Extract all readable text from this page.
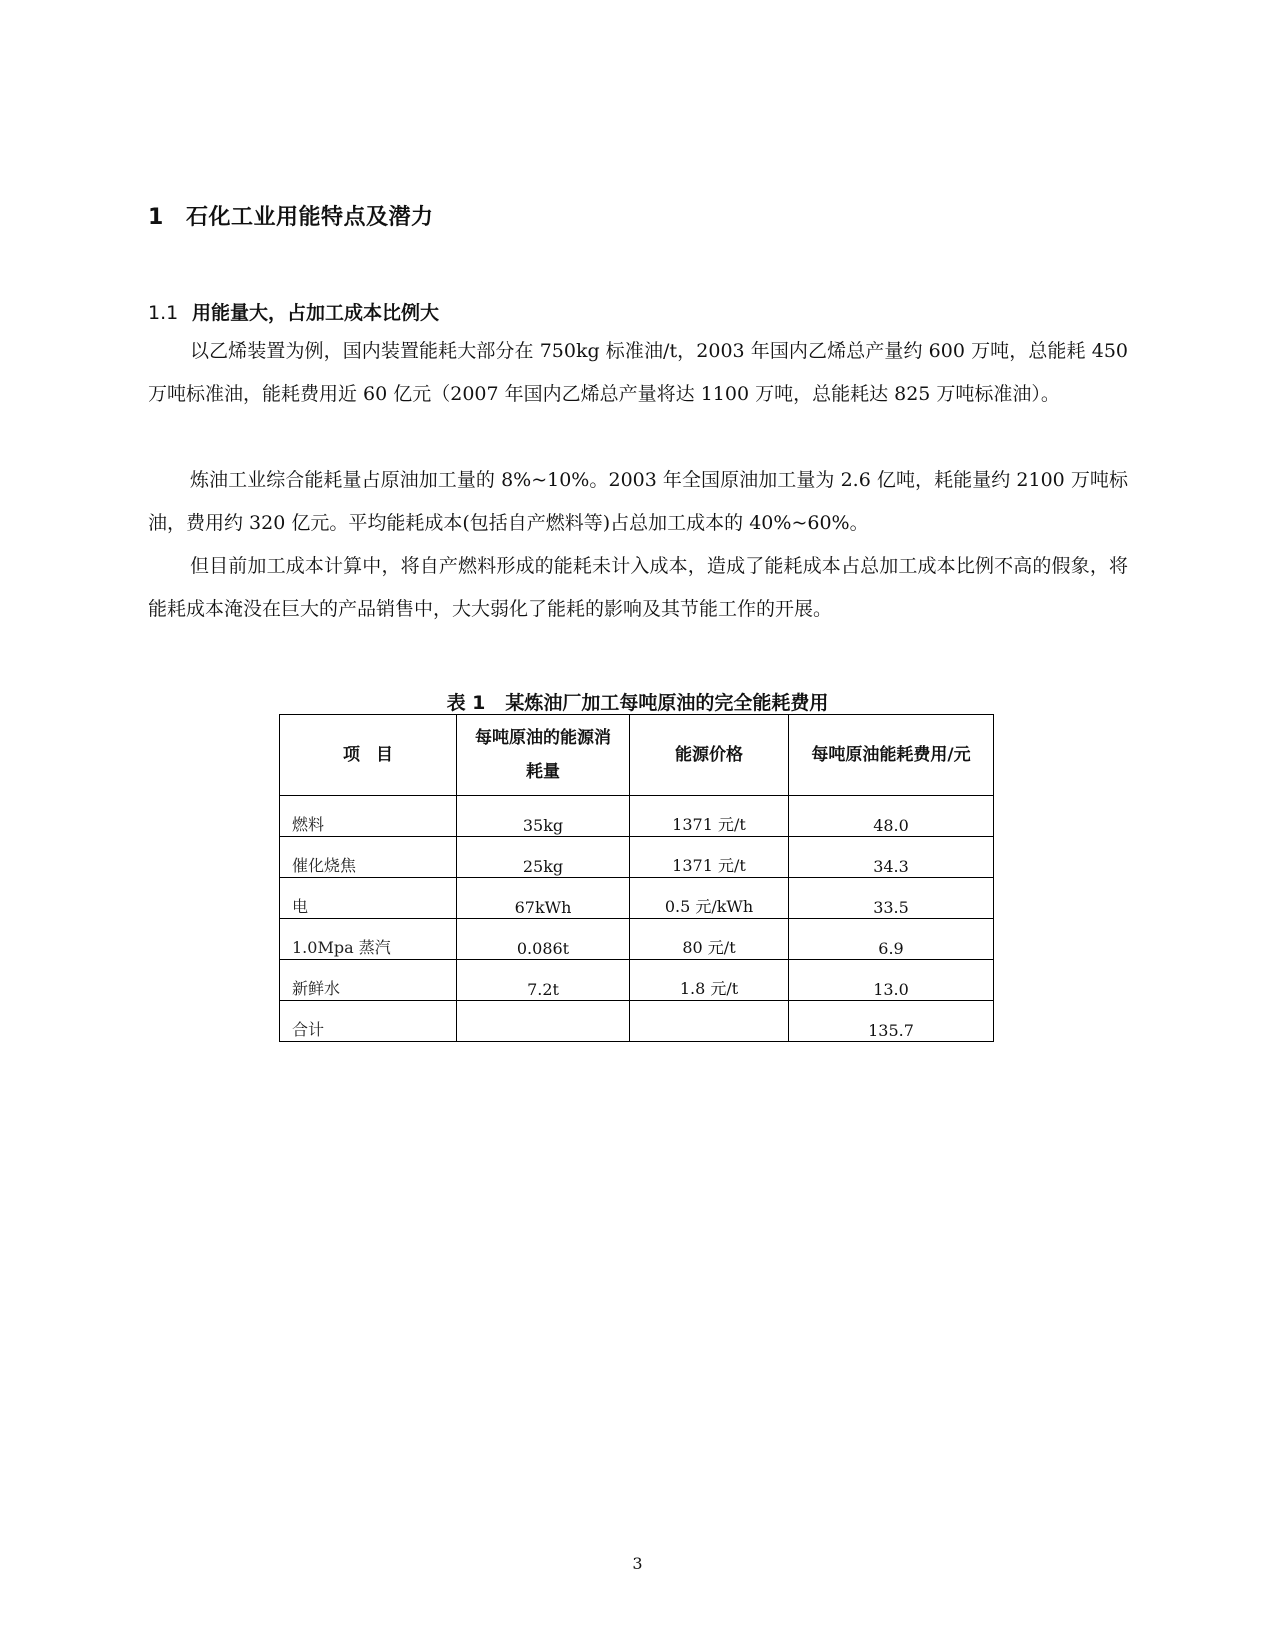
1 石化工业用能特点及潜力
1.1 用能量大，占加工成本比例大

以乙烯装置为例，国内装置能耗大部分在 750kg 标准油/t，2003 年国内乙烯总产量约 600 万吨，总能耗 450 万吨标准油，能耗费用近 60 亿元（2007 年国内乙烯总产量将达 1100 万吨，总能耗达 825 万吨标准油）。

炼油工业综合能耗量占原油加工量的 8%~10%。2003 年全国原油加工量为 2.6 亿吨，耗能量约 2100 万吨标油，费用约 320 亿元。平均能耗成本(包括自产燃料等)占总加工成本的 40%~60%。

但目前加工成本计算中，将自产燃料形成的能耗未计入成本，造成了能耗成本占总加工成本比例不高的假象，将能耗成本淹没在巨大的产品销售中，大大弱化了能耗的影响及其节能工作的开展。

表 1 某炼油厂加工每吨原油的完全能耗费用
项 目	每吨原油的能源消耗量	能源价格	每吨原油能耗费用/元
燃料	35kg	1371 元/t	48.0
催化烧焦	25kg	1371 元/t	34.3
电	67kWh	0.5 元/kWh	33.5
1.0Mpa 蒸汽	0.086t	80 元/t	6.9
新鲜水	7.2t	1.8 元/t	13.0
合计			135.7
3
